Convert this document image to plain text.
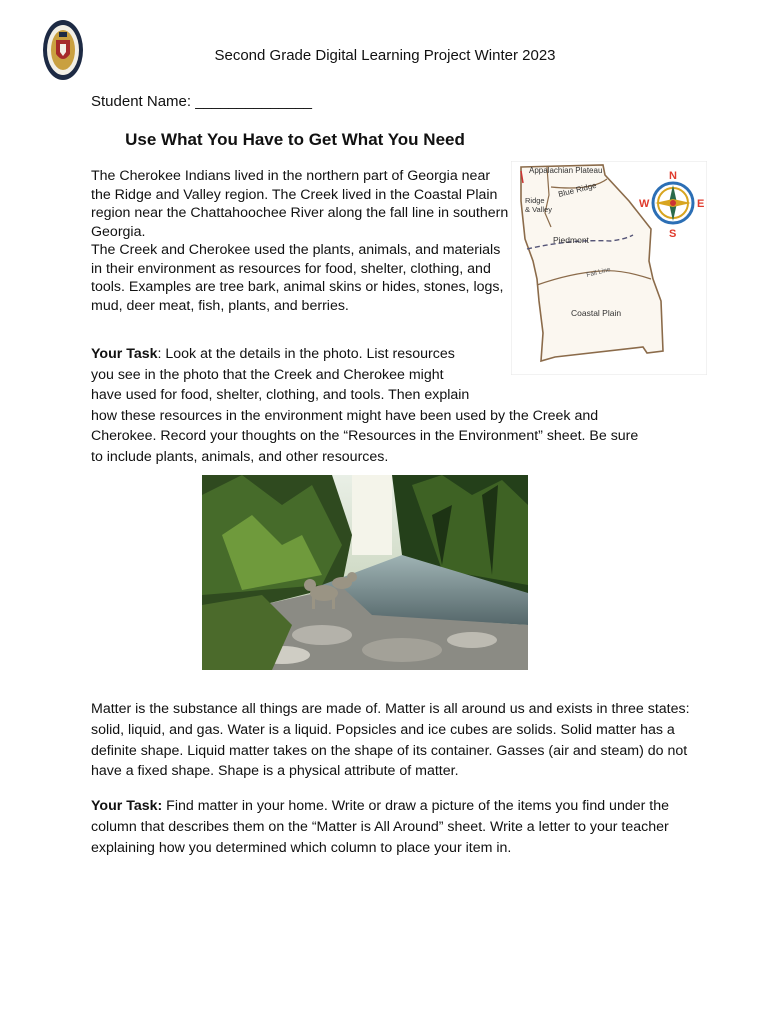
Second Grade Digital Learning Project Winter 2023
Student Name: ______________
Use What You Have to Get What You Need

The Cherokee Indians lived in the northern part of Georgia near the Ridge and Valley region. The Creek lived in the Coastal Plain region near the Chattahoochee River along the fall line in southern Georgia.

The Creek and Cherokee used the plants, animals, and materials in their environment as resources for food, shelter, clothing, and tools. Examples are tree bark, animal skins or hides, stones, logs, mud, deer meat, fish, plants, and berries.

Appalachian Plateau
Blue Ridge
Ridge
& Valley
Piedmont
Fall Line
Coastal Plain
N
S
W	E
Your Task: Look at the details in the photo. List resources
you see in the photo that the Creek and Cherokee might
have used for food, shelter, clothing, and tools. Then explain
how these resources in the environment might have been used by the Creek and
Cherokee. Record your thoughts on the “Resources in the Environment” sheet. Be sure
to include plants, animals, and other resources.
Matter is the substance all things are made of. Matter is all around us and exists in three states: solid, liquid, and gas. Water is a liquid. Popsicles and ice cubes are solids. Solid matter has a definite shape. Liquid matter takes on the shape of its container. Gasses (air and steam) do not have a fixed shape. Shape is a physical attribute of matter.
Your Task: Find matter in your home. Write or draw a picture of the items you find under the column that describes them on the “Matter is All Around” sheet. Write a letter to your teacher explaining how you determined which column to place your item in.
